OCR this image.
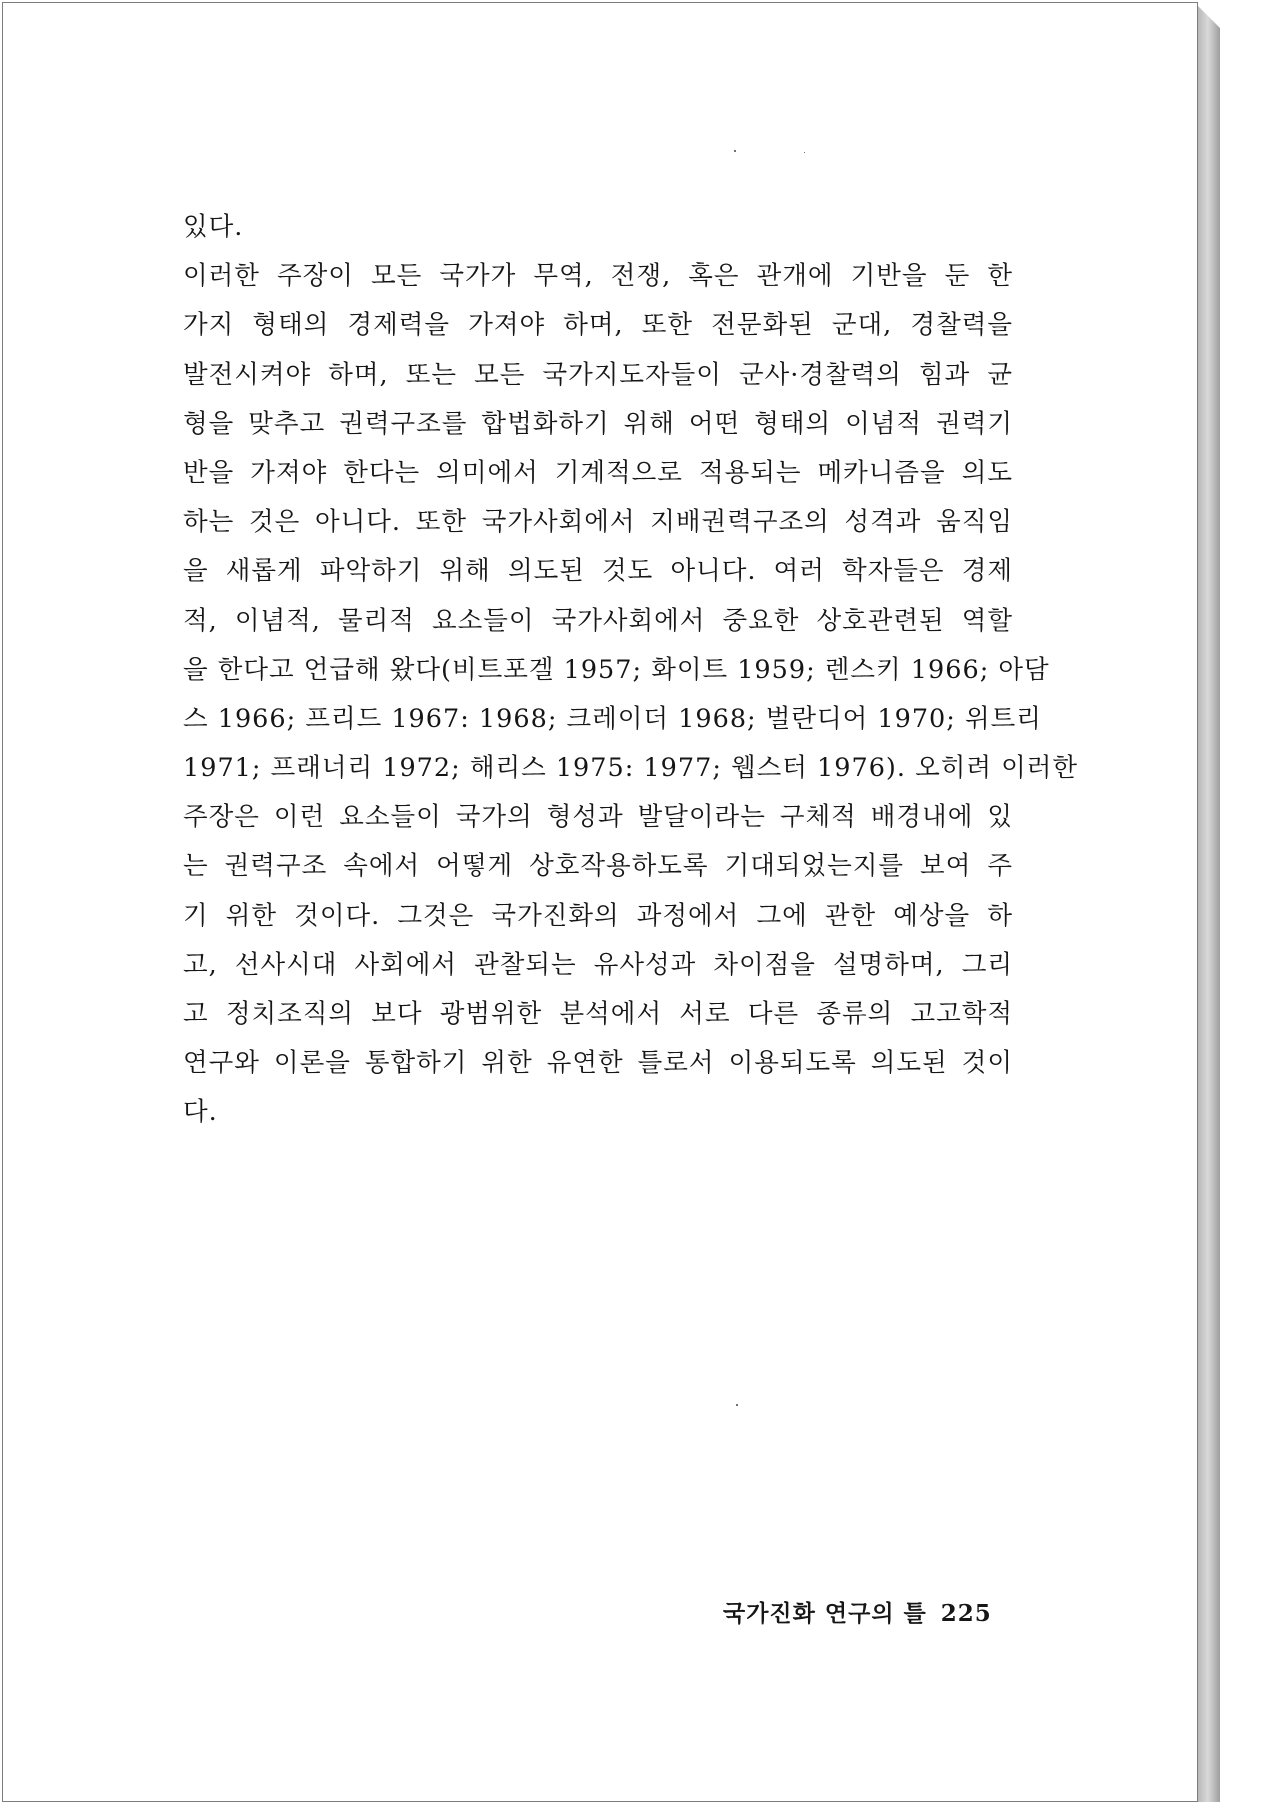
있다.
이러한 주장이 모든 국가가 무역, 전쟁, 혹은 관개에 기반을 둔 한
가지 형태의 경제력을 가져야 하며, 또한 전문화된 군대, 경찰력을
발전시켜야 하며, 또는 모든 국가지도자들이 군사·경찰력의 힘과 균
형을 맞추고 권력구조를 합법화하기 위해 어떤 형태의 이념적 권력기
반을 가져야 한다는 의미에서 기계적으로 적용되는 메카니즘을 의도
하는 것은 아니다. 또한 국가사회에서 지배권력구조의 성격과 움직임
을 새롭게 파악하기 위해 의도된 것도 아니다. 여러 학자들은 경제
적, 이념적, 물리적 요소들이 국가사회에서 중요한 상호관련된 역할
을 한다고 언급해 왔다(비트포겔 1957; 화이트 1959; 렌스키 1966; 아담
스 1966; 프리드 1967: 1968; 크레이더 1968; 벌란디어 1970; 위트리
1971; 프래너리 1972; 해리스 1975: 1977; 웹스터 1976). 오히려 이러한
주장은 이런 요소들이 국가의 형성과 발달이라는 구체적 배경내에 있
는 권력구조 속에서 어떻게 상호작용하도록 기대되었는지를 보여 주
기 위한 것이다. 그것은 국가진화의 과정에서 그에 관한 예상을 하
고, 선사시대 사회에서 관찰되는 유사성과 차이점을 설명하며, 그리
고 정치조직의 보다 광범위한 분석에서 서로 다른 종류의 고고학적
연구와 이론을 통합하기 위한 유연한 틀로서 이용되도록 의도된 것이
다.
국가진화 연구의 틀 225
